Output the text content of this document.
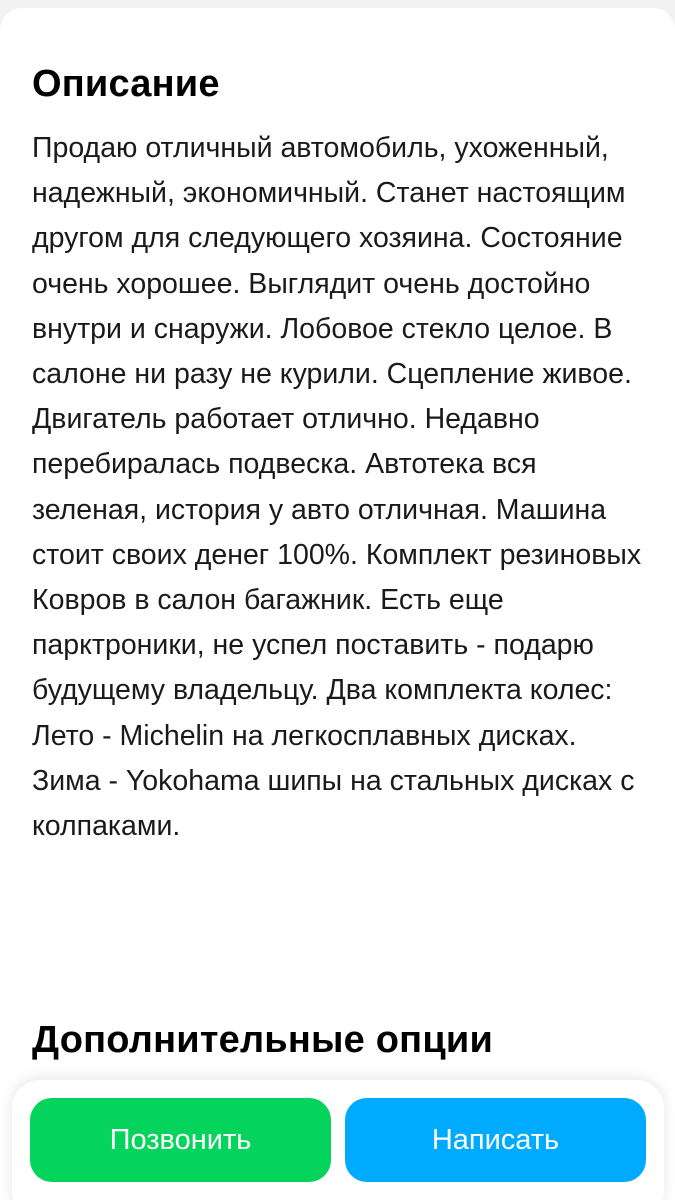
Описание

Продаю отличный автомобиль, ухоженный, надежный, экономичный. Станет настоящим другом для следующего хозяина. Состояние очень хорошее. Выглядит очень достойно внутри и снаружи. Лобовое стекло целое. В салоне ни разу не курили. Сцепление живое. Двигатель работает отлично. Недавно перебиралась подвеска. Автотека вся зеленая, история у авто отличная. Машина стоит своих денег 100%. Комплект резиновых Ковров в салон багажник. Есть еще парктроники, не успел поставить - подарю будущему владельцу. Два комплекта колес: Лето - Michelin на легкосплавных дисках. Зима - Yokohama шипы на стальных дисках с колпаками.

Дополнительные опции
Позвонить	Написать
